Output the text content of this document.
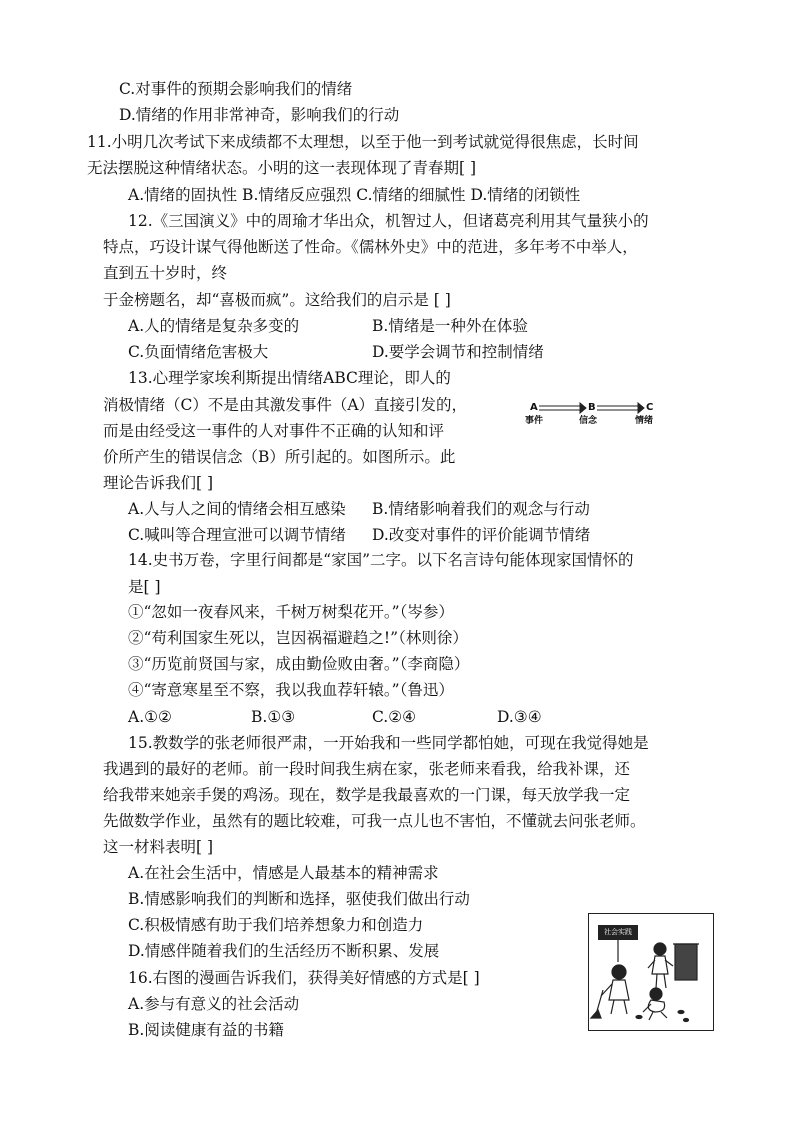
C.对事件的预期会影响我们的情绪
D.情绪的作用非常神奇，影响我们的行动
11.小明几次考试下来成绩都不太理想，以至于他一到考试就觉得很焦虑，长时间
无法摆脱这种情绪状态。小明的这一表现体现了青春期[ ]
A.情绪的固执性 B.情绪反应强烈 C.情绪的细腻性 D.情绪的闭锁性
12.《三国演义》中的周瑜才华出众，机智过人，但诸葛亮利用其气量狭小的
特点，巧设计谋气得他断送了性命。《儒林外史》中的范进，多年考不中举人，
直到五十岁时，终
于金榜题名，却“喜极而疯”。这给我们的启示是 [ ]
A.人的情绪是复杂多变的	B.情绪是一种外在体验
C.负面情绪危害极大	D.要学会调节和控制情绪
13.心理学家埃利斯提出情绪ABC理论，即人的
消极情绪（C）不是由其激发事件（A）直接引发的，
而是由经受这一事件的人对事件不正确的认知和评
价所产生的错误信念（B）所引起的。如图所示。此
理论告诉我们[ ]
A	B	C
事件	信念	情绪
A.人与人之间的情绪会相互感染 B.情绪影响着我们的观念与行动
C.喊叫等合理宣泄可以调节情绪 D.改变对事件的评价能调节情绪
14.史书万卷，字里行间都是“家国”二字。以下名言诗句能体现家国情怀的
是[ ]
①“忽如一夜春风来，千树万树梨花开。”（岑参）
②“苟利国家生死以，岂因祸福避趋之!”（林则徐）
③“历览前贤国与家，成由勤俭败由奢。”（李商隐）
④“寄意寒星至不察，我以我血荐轩辕。”（鲁迅）
A.①②	B.①③	C.②④	D.③④
15.教数学的张老师很严肃，一开始我和一些同学都怕她，可现在我觉得她是
我遇到的最好的老师。前一段时间我生病在家，张老师来看我，给我补课，还
给我带来她亲手煲的鸡汤。现在，数学是我最喜欢的一门课，每天放学我一定
先做数学作业，虽然有的题比较难，可我一点儿也不害怕，不懂就去问张老师。
这一材料表明[ ]
A.在社会生活中，情感是人最基本的精神需求
B.情感影响我们的判断和选择，驱使我们做出行动
C.积极情感有助于我们培养想象力和创造力
D.情感伴随着我们的生活经历不断积累、发展
16.右图的漫画告诉我们，获得美好情感的方式是[ ]
A.参与有意义的社会活动
B.阅读健康有益的书籍
社会实践
